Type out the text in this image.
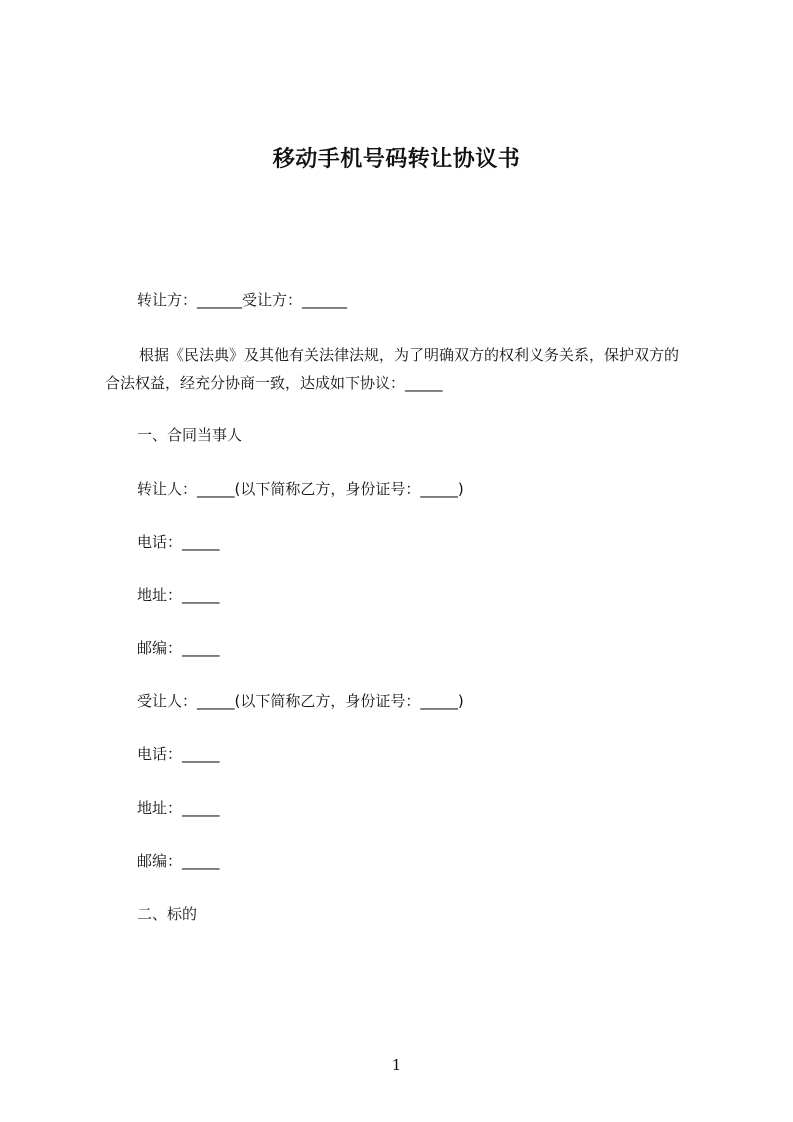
移动手机号码转让协议书
转让方：______受让方：______
根据《民法典》及其他有关法律法规，为了明确双方的权利义务关系，保护双方的合法权益，经充分协商一致，达成如下协议：_____
一、合同当事人
转让人：_____(以下简称乙方，身份证号：_____)
电话：_____
地址：_____
邮编：_____
受让人：_____(以下简称乙方，身份证号：_____)
电话：_____
地址：_____
邮编：_____
二、标的
1
